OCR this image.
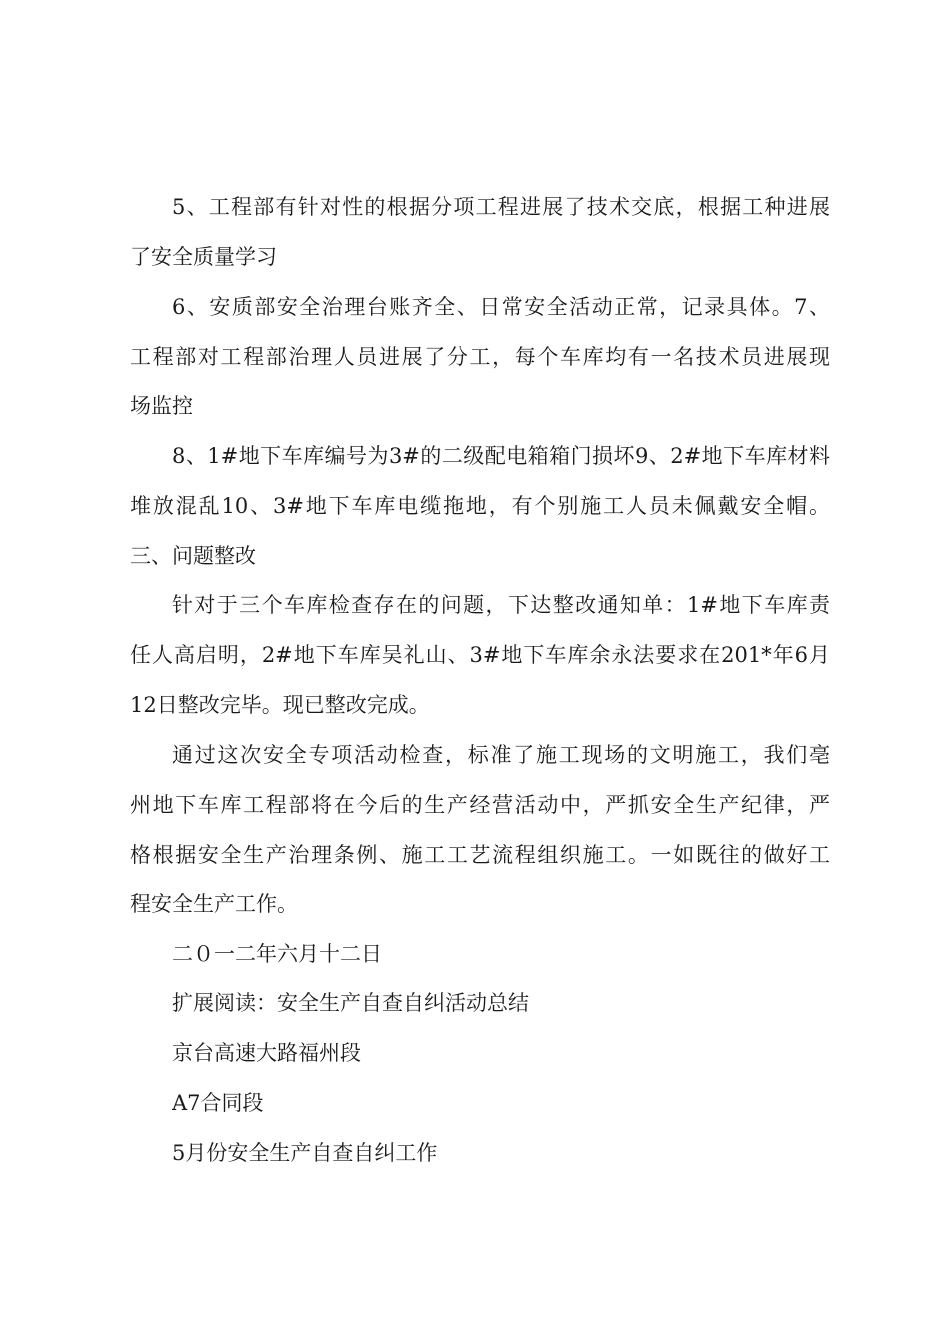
5、工程部有针对性的根据分项工程进展了技术交底，根据工种进展
了安全质量学习
6、安质部安全治理台账齐全、日常安全活动正常，记录具体。7、
工程部对工程部治理人员进展了分工，每个车库均有一名技术员进展现
场监控
8、1#地下车库编号为3#的二级配电箱箱门损坏9、2#地下车库材料
堆放混乱10、3#地下车库电缆拖地，有个别施工人员未佩戴安全帽。
三、问题整改
针对于三个车库检查存在的问题，下达整改通知单：1#地下车库责
任人高启明，2#地下车库吴礼山、3#地下车库余永法要求在201*年6月
12日整改完毕。现已整改完成。
通过这次安全专项活动检查，标准了施工现场的文明施工，我们亳
州地下车库工程部将在今后的生产经营活动中，严抓安全生产纪律，严
格根据安全生产治理条例、施工工艺流程组织施工。一如既往的做好工
程安全生产工作。
二０一二年六月十二日
扩展阅读：安全生产自查自纠活动总结
京台高速大路福州段
A7合同段
5月份安全生产自查自纠工作
